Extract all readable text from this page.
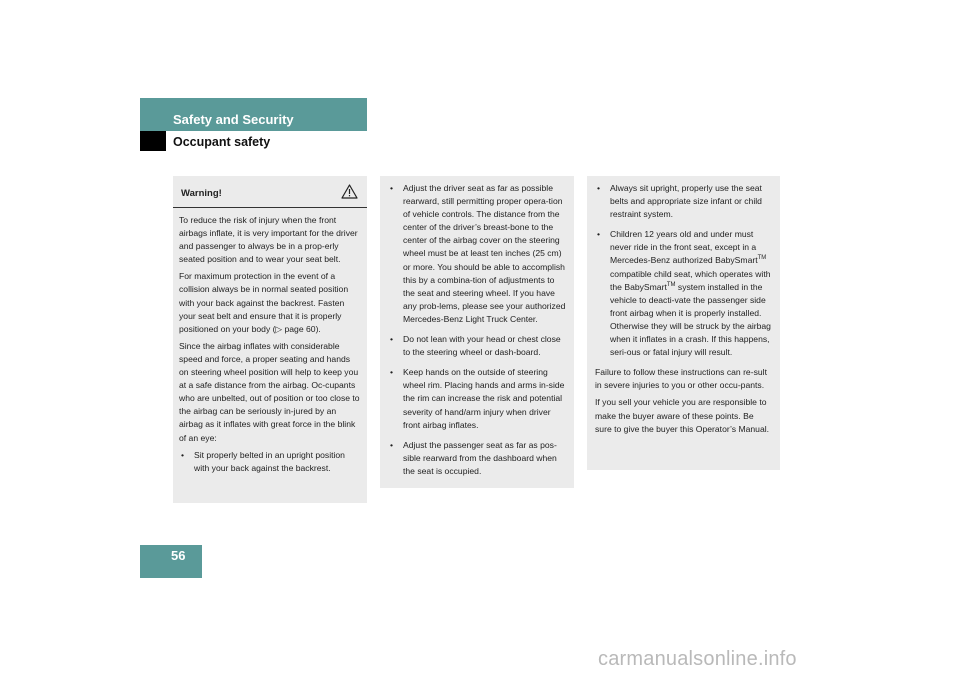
Safety and Security
Occupant safety
Warning!

To reduce the risk of injury when the front airbags inflate, it is very important for the driver and passenger to always be in a prop-erly seated position and to wear your seat belt.

For maximum protection in the event of a collision always be in normal seated position with your back against the backrest. Fasten your seat belt and ensure that it is properly positioned on your body (▷ page 60).

Since the airbag inflates with considerable speed and force, a proper seating and hands on steering wheel position will help to keep you at a safe distance from the airbag. Oc-cupants who are unbelted, out of position or too close to the airbag can be seriously in-jured by an airbag as it inflates with great force in the blink of an eye:

• Sit properly belted in an upright position with your back against the backrest.
• Adjust the driver seat as far as possible rearward, still permitting proper opera-tion of vehicle controls. The distance from the center of the driver’s breast-bone to the center of the airbag cover on the steering wheel must be at least ten inches (25 cm) or more. You should be able to accomplish this by a combina-tion of adjustments to the seat and steering wheel. If you have any prob-lems, please see your authorized Mercedes-Benz Light Truck Center.
• Do not lean with your head or chest close to the steering wheel or dash-board.
• Keep hands on the outside of steering wheel rim. Placing hands and arms in-side the rim can increase the risk and potential severity of hand/arm injury when driver front airbag inflates.
• Adjust the passenger seat as far as pos-sible rearward from the dashboard when the seat is occupied.
• Always sit upright, properly use the seat belts and appropriate size infant or child restraint system.
• Children 12 years old and under must never ride in the front seat, except in a Mercedes-Benz authorized BabySmart™ compatible child seat, which operates with the BabySmart™ system installed in the vehicle to deacti-vate the passenger side front airbag when it is properly installed. Otherwise they will be struck by the airbag when it inflates in a crash. If this happens, seri-ous or fatal injury will result.

Failure to follow these instructions can re-sult in severe injuries to you or other occu-pants.

If you sell your vehicle you are responsible to make the buyer aware of these points. Be sure to give the buyer this Operator’s Manual.

56
carmanualsonline.info
